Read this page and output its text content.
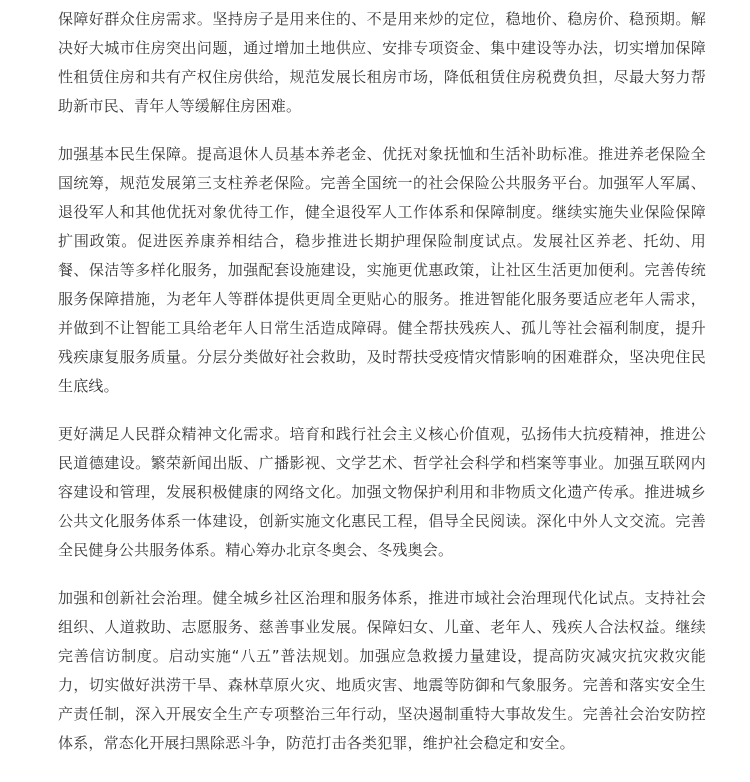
保障好群众住房需求。坚持房子是用来住的、不是用来炒的定位，稳地价、稳房价、稳预期。解决好大城市住房突出问题，通过增加土地供应、安排专项资金、集中建设等办法，切实增加保障性租赁住房和共有产权住房供给，规范发展长租房市场，降低租赁住房税费负担，尽最大努力帮助新市民、青年人等缓解住房困难。

加强基本民生保障。提高退休人员基本养老金、优抚对象抚恤和生活补助标准。推进养老保险全国统筹，规范发展第三支柱养老保险。完善全国统一的社会保险公共服务平台。加强军人军属、退役军人和其他优抚对象优待工作，健全退役军人工作体系和保障制度。继续实施失业保险保障扩围政策。促进医养康养相结合，稳步推进长期护理保险制度试点。发展社区养老、托幼、用餐、保洁等多样化服务，加强配套设施建设，实施更优惠政策，让社区生活更加便利。完善传统服务保障措施，为老年人等群体提供更周全更贴心的服务。推进智能化服务要适应老年人需求，并做到不让智能工具给老年人日常生活造成障碍。健全帮扶残疾人、孤儿等社会福利制度，提升残疾康复服务质量。分层分类做好社会救助，及时帮扶受疫情灾情影响的困难群众，坚决兜住民生底线。

更好满足人民群众精神文化需求。培育和践行社会主义核心价值观，弘扬伟大抗疫精神，推进公民道德建设。繁荣新闻出版、广播影视、文学艺术、哲学社会科学和档案等事业。加强互联网内容建设和管理，发展积极健康的网络文化。加强文物保护利用和非物质文化遗产传承。推进城乡公共文化服务体系一体建设，创新实施文化惠民工程，倡导全民阅读。深化中外人文交流。完善全民健身公共服务体系。精心筹办北京冬奥会、冬残奥会。

加强和创新社会治理。健全城乡社区治理和服务体系，推进市域社会治理现代化试点。支持社会组织、人道救助、志愿服务、慈善事业发展。保障妇女、儿童、老年人、残疾人合法权益。继续完善信访制度。启动实施“八五”普法规划。加强应急救援力量建设，提高防灾减灾抗灾救灾能力，切实做好洪涝干旱、森林草原火灾、地质灾害、地震等防御和气象服务。完善和落实安全生产责任制，深入开展安全生产专项整治三年行动，坚决遏制重特大事故发生。完善社会治安防控体系，常态化开展扫黑除恶斗争，防范打击各类犯罪，维护社会稳定和安全。
